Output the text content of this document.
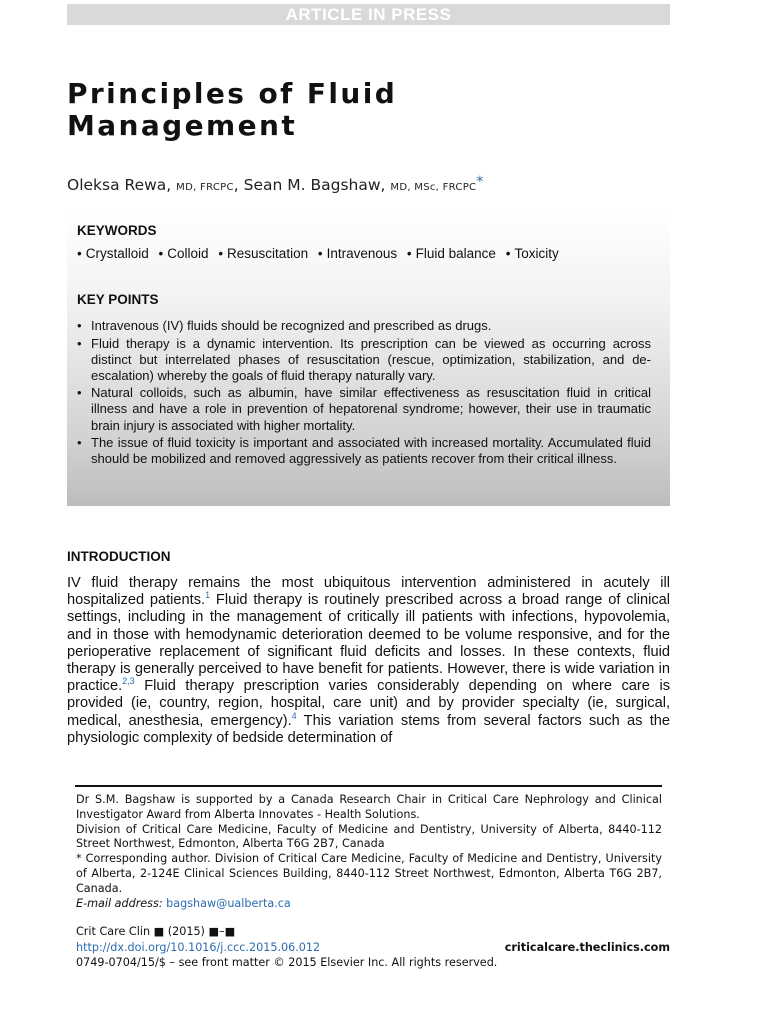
ARTICLE IN PRESS
Principles of Fluid
Management
Oleksa Rewa, MD, FRCPC, Sean M. Bagshaw, MD, MSc, FRCPC*
KEYWORDS
• Crystalloid • Colloid • Resuscitation • Intravenous • Fluid balance • Toxicity
KEY POINTS
• Intravenous (IV) fluids should be recognized and prescribed as drugs.
• Fluid therapy is a dynamic intervention. Its prescription can be viewed as occurring across distinct but interrelated phases of resuscitation (rescue, optimization, stabilization, and de-escalation) whereby the goals of fluid therapy naturally vary.
• Natural colloids, such as albumin, have similar effectiveness as resuscitation fluid in critical illness and have a role in prevention of hepatorenal syndrome; however, their use in traumatic brain injury is associated with higher mortality.
• The issue of fluid toxicity is important and associated with increased mortality. Accumulated fluid should be mobilized and removed aggressively as patients recover from their critical illness.
INTRODUCTION
IV fluid therapy remains the most ubiquitous intervention administered in acutely ill hospitalized patients.$^1$ Fluid therapy is routinely prescribed across a broad range of clinical settings, including in the management of critically ill patients with infections, hypovolemia, and in those with hemodynamic deterioration deemed to be volume responsive, and for the perioperative replacement of significant fluid deficits and losses. In these contexts, fluid therapy is generally perceived to have benefit for patients. However, there is wide variation in practice.$^{2,3}$ Fluid therapy prescription varies considerably depending on where care is provided (ie, country, region, hospital, care unit) and by provider specialty (ie, surgical, medical, anesthesia, emergency).$^4$ This variation stems from several factors such as the physiologic complexity of bedside determination of

Dr S.M. Bagshaw is supported by a Canada Research Chair in Critical Care Nephrology and Clinical Investigator Award from Alberta Innovates - Health Solutions.

Division of Critical Care Medicine, Faculty of Medicine and Dentistry, University of Alberta, 8440-112 Street Northwest, Edmonton, Alberta T6G 2B7, Canada

* Corresponding author. Division of Critical Care Medicine, Faculty of Medicine and Dentistry, University of Alberta, 2-124E Clinical Sciences Building, 8440-112 Street Northwest, Edmonton, Alberta T6G 2B7, Canada.

E-mail address: bagshaw@ualberta.ca

Crit Care Clin ■ (2015) ■–■
http://dx.doi.org/10.1016/j.ccc.2015.06.012	criticalcare.theclinics.com
0749-0704/15/$ – see front matter © 2015 Elsevier Inc. All rights reserved.
